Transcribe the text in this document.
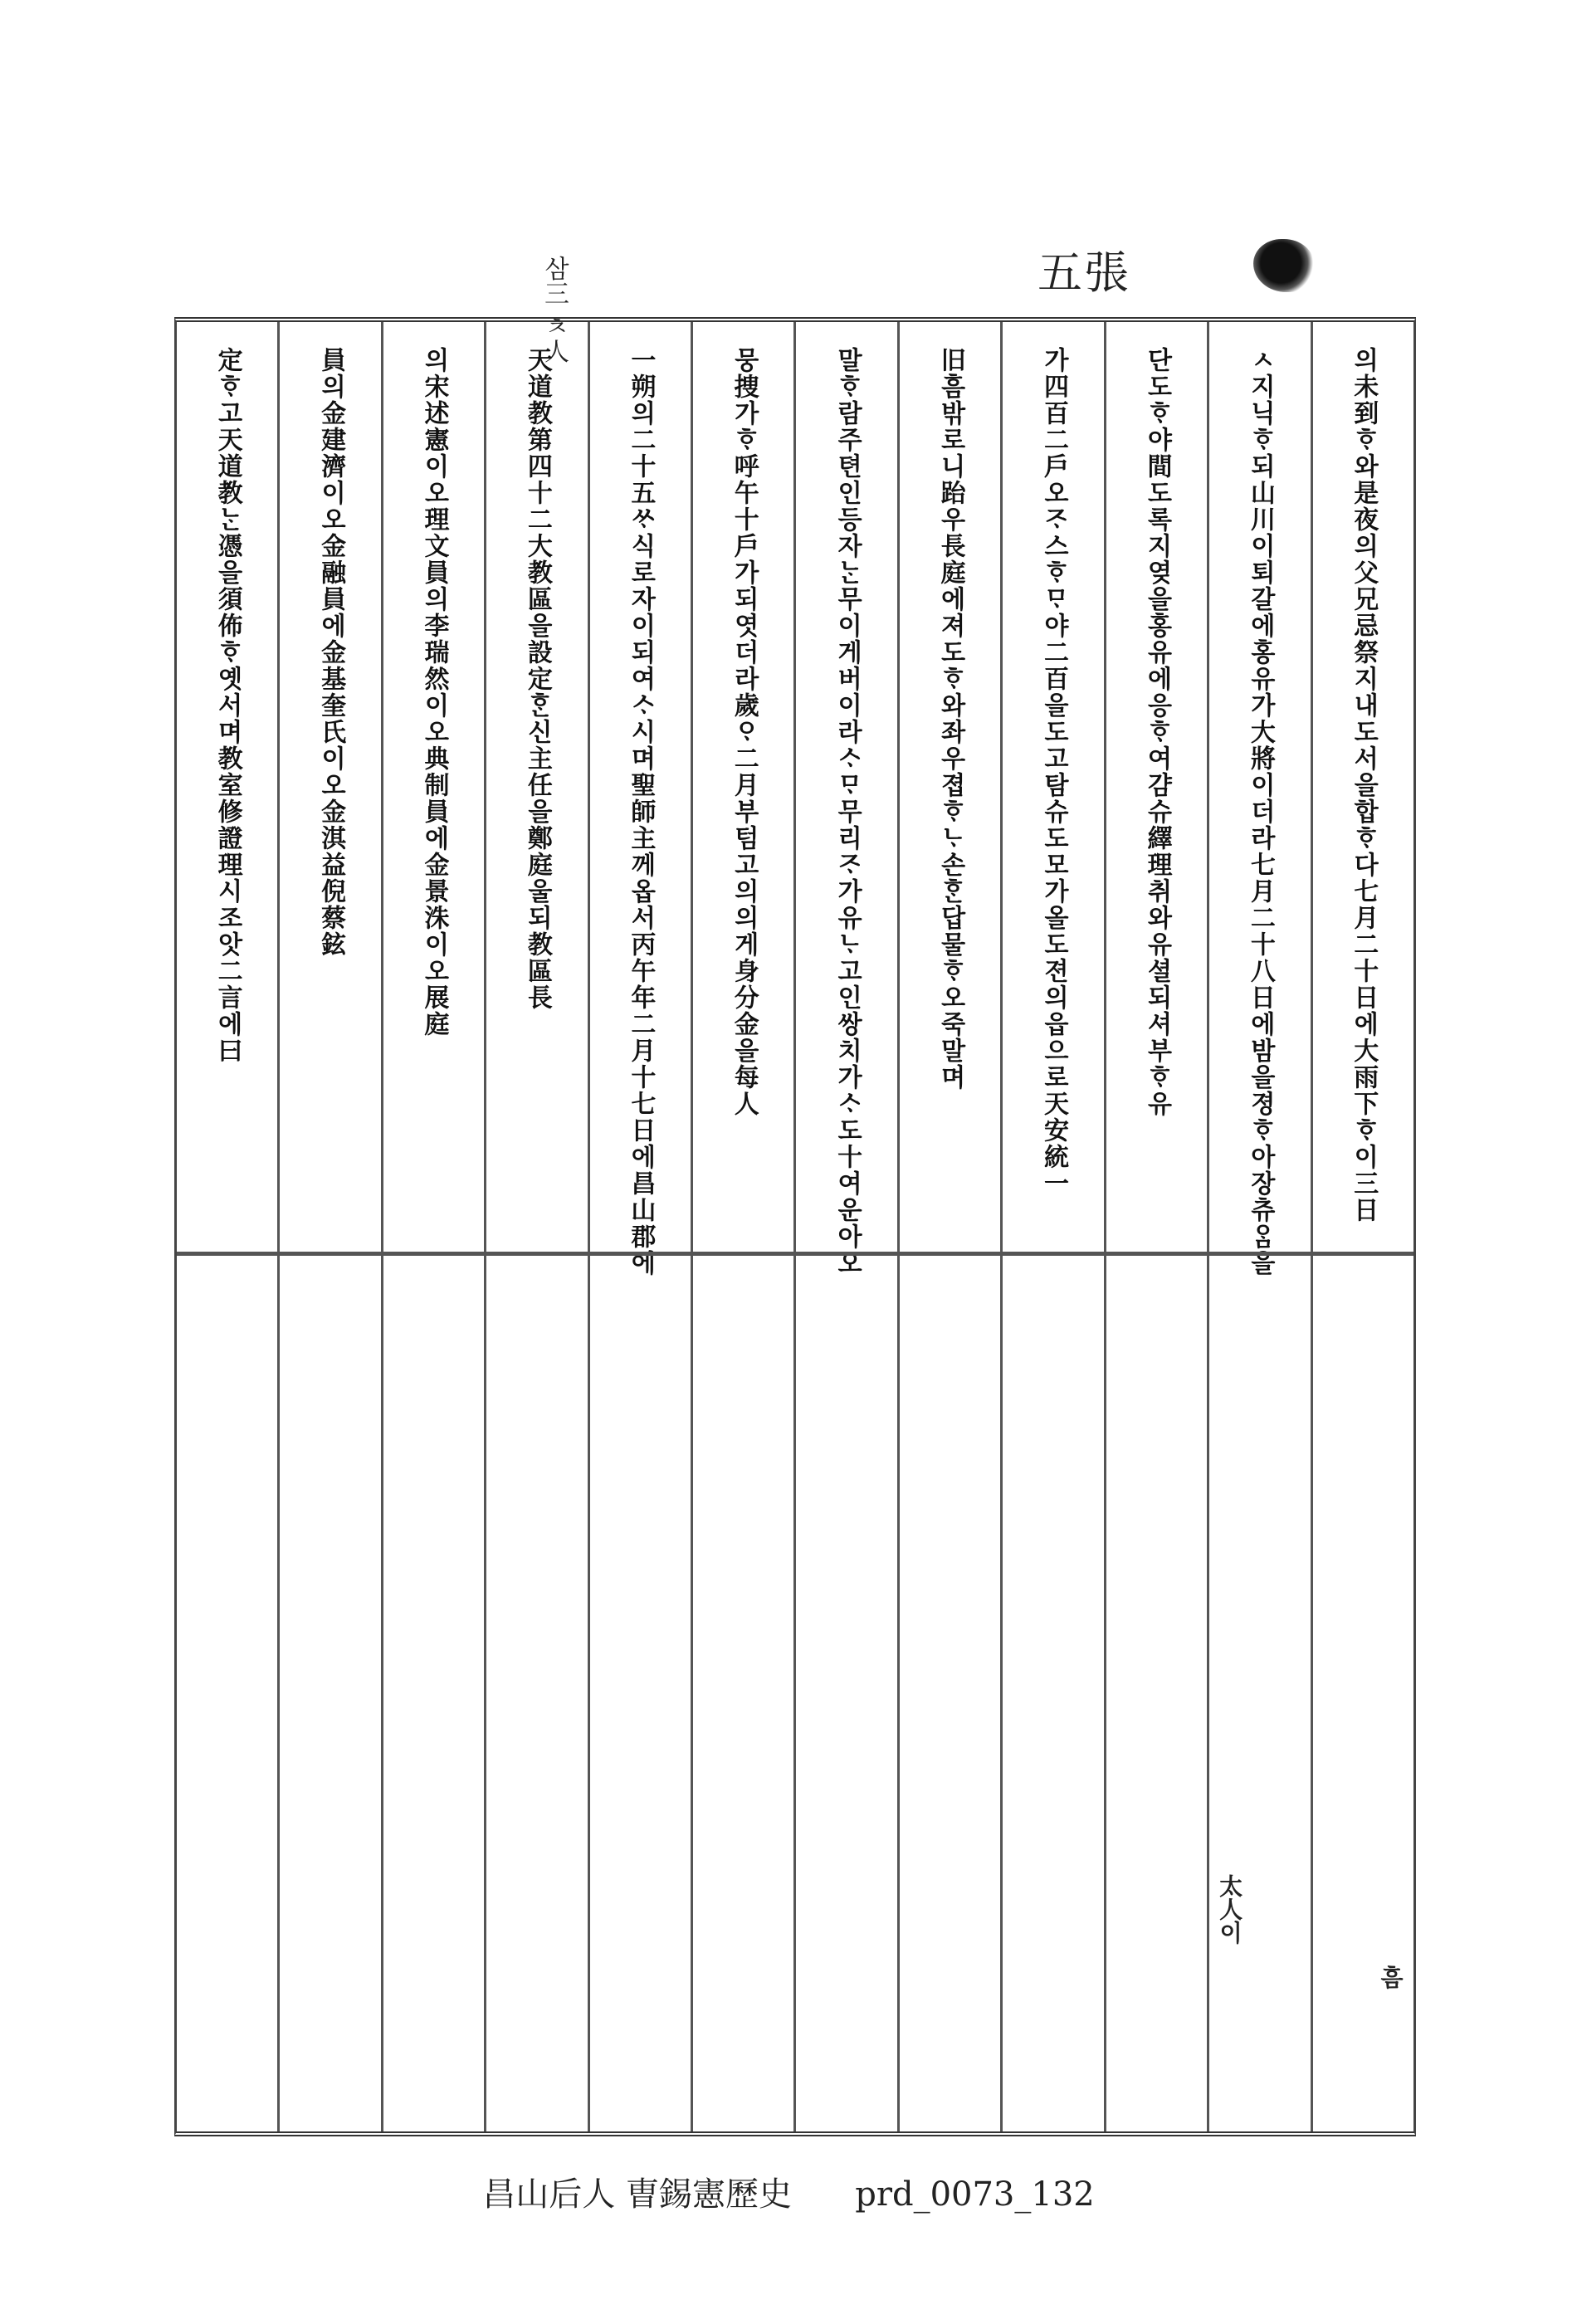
五張
삼三 ㅊ人
의未到ᄒᆞ와是夜의父兄忌祭지내도서을합ᄒᆞ다七月二十日에大雨下ᄒᆞ이三日
흠
ㅅ지닉ᄒᆞ되山川이퇴갈에홍유가大將이더라七月二十八日에밤을졍ᄒᆞ아장츄ᄋᆞᆷ을
太人이
단도ᄒᆞ야間도록지옂을홍유에응ᄒᆞ여걈슈繹理취와유셜되셔부ᄒᆞ유
가四百二戶오ᄌᆞ스ᄒᆞᄆᆞ야二百을도고탐슈도모가올도젼의읍으로天安統一
旧흠밖로니跆우長庭에져도ᄒᆞ와좌우졉ᄒᆞᄂᆞ손ᄒᆞᆫ답물ᄒᆞ오죽말며
말ᄒᆞ람주텬인등자ᄂᆞᆫ무이게버이라ᄉᆞᄆᆞ무리ᄌᆞ가유ᄂᆞ고인쌍치가ᄉᆞ도十여운아오
뭉捜가ᄒᆞ呼午十戶가되엿더라歲ᄋᆞ二月부텀고의의게身分金을每人
一朔의二十五ᄊᆞ식로자이되여ᄉᆞ시며聖師主께옵서丙午年二月十七日에昌山郡에
天道教第四十二大教區을設定ᄒᆞᆫ신主任을鄭庭울되教區長
의宋述憲이오理文員의李瑞然이오典制員에金景洙이오展庭
員의金建濟이오金融員에金基奎氏이오金淇益倪蔡鉉
定ᄒᆞ고天道教ᄂᆞᆫ憑을須佈ᄒᆞ옛서며教室修證理시조앗二言에曰
昌山后人 曺錫憲歷史      prd_0073_132
